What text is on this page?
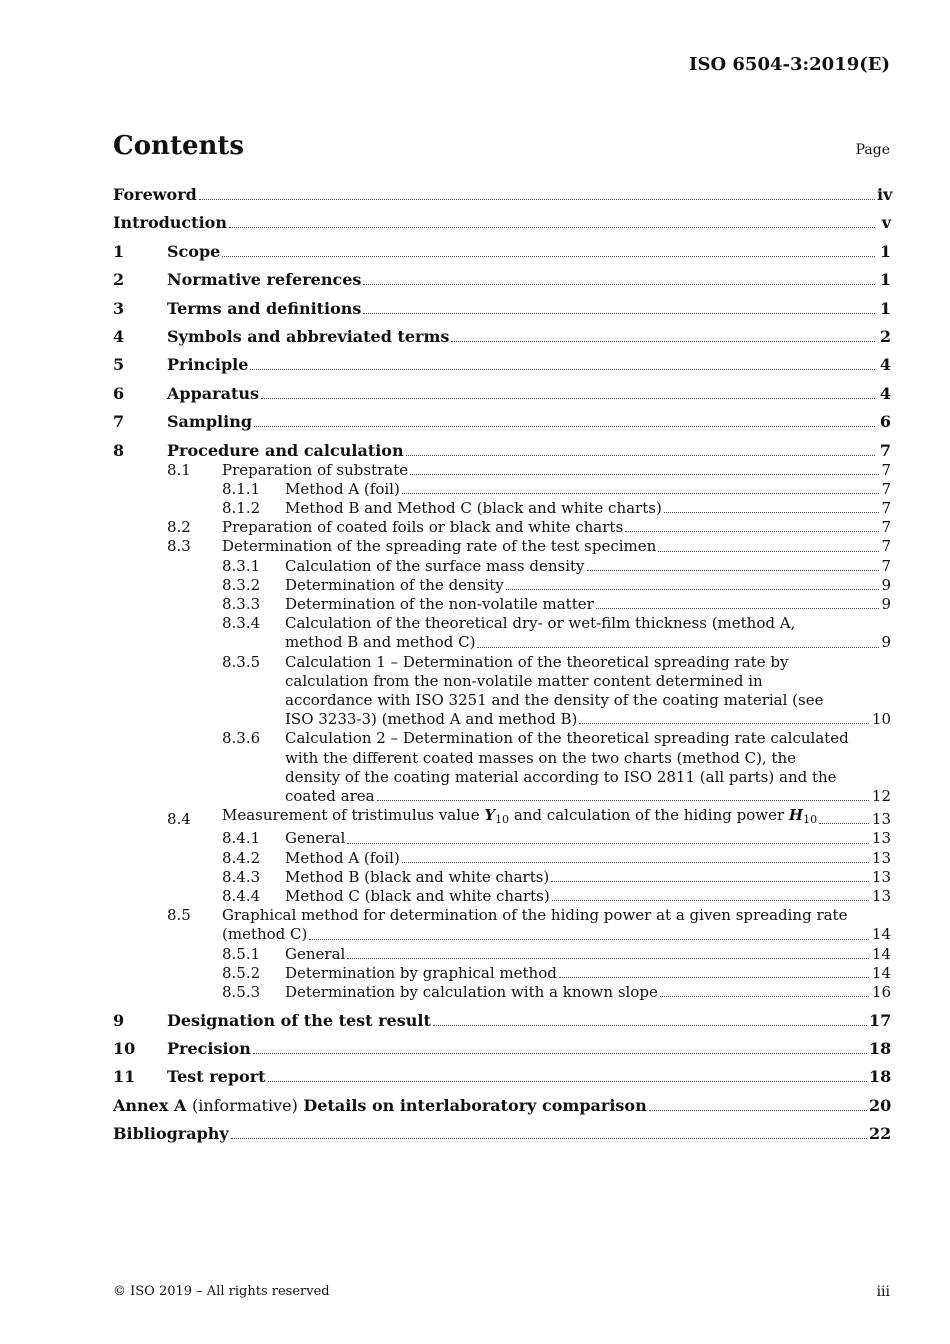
ISO 6504-3:2019(E)
Contents	Page
Foreword	iv
Introduction	v
1	Scope	1
2	Normative references	1
3	Terms and definitions	1
4	Symbols and abbreviated terms	2
5	Principle	4
6	Apparatus	4
7	Sampling	6
8	Procedure and calculation	7
8.1	Preparation of substrate	7
8.1.1	Method A (foil)	7
8.1.2	Method B and Method C (black and white charts)	7
8.2	Preparation of coated foils or black and white charts	7
8.3	Determination of the spreading rate of the test specimen	7
8.3.1	Calculation of the surface mass density	7
8.3.2	Determination of the density	9
8.3.3	Determination of the non-volatile matter	9
8.3.4	Calculation of the theoretical dry- or wet-film thickness (method A,
method B and method C)	9
8.3.5	Calculation 1 – Determination of the theoretical spreading rate by
calculation from the non-volatile matter content determined in
accordance with ISO 3251 and the density of the coating material (see
ISO 3233-3) (method A and method B)	10
8.3.6	Calculation 2 – Determination of the theoretical spreading rate calculated
with the different coated masses on the two charts (method C), the
density of the coating material according to ISO 2811 (all parts) and the
coated area	12
8.4	Measurement of tristimulus value $Y_{10}$ and calculation of the hiding power $H_{10}$	13
8.4.1	General	13
8.4.2	Method A (foil)	13
8.4.3	Method B (black and white charts)	13
8.4.4	Method C (black and white charts)	13
8.5	Graphical method for determination of the hiding power at a given spreading rate
(method C)	14
8.5.1	General	14
8.5.2	Determination by graphical method	14
8.5.3	Determination by calculation with a known slope	16
9	Designation of the test result	17
10	Precision	18
11	Test report	18
Annex A (informative) Details on interlaboratory comparison	20
Bibliography	22
© ISO 2019 – All rights reserved	iii
